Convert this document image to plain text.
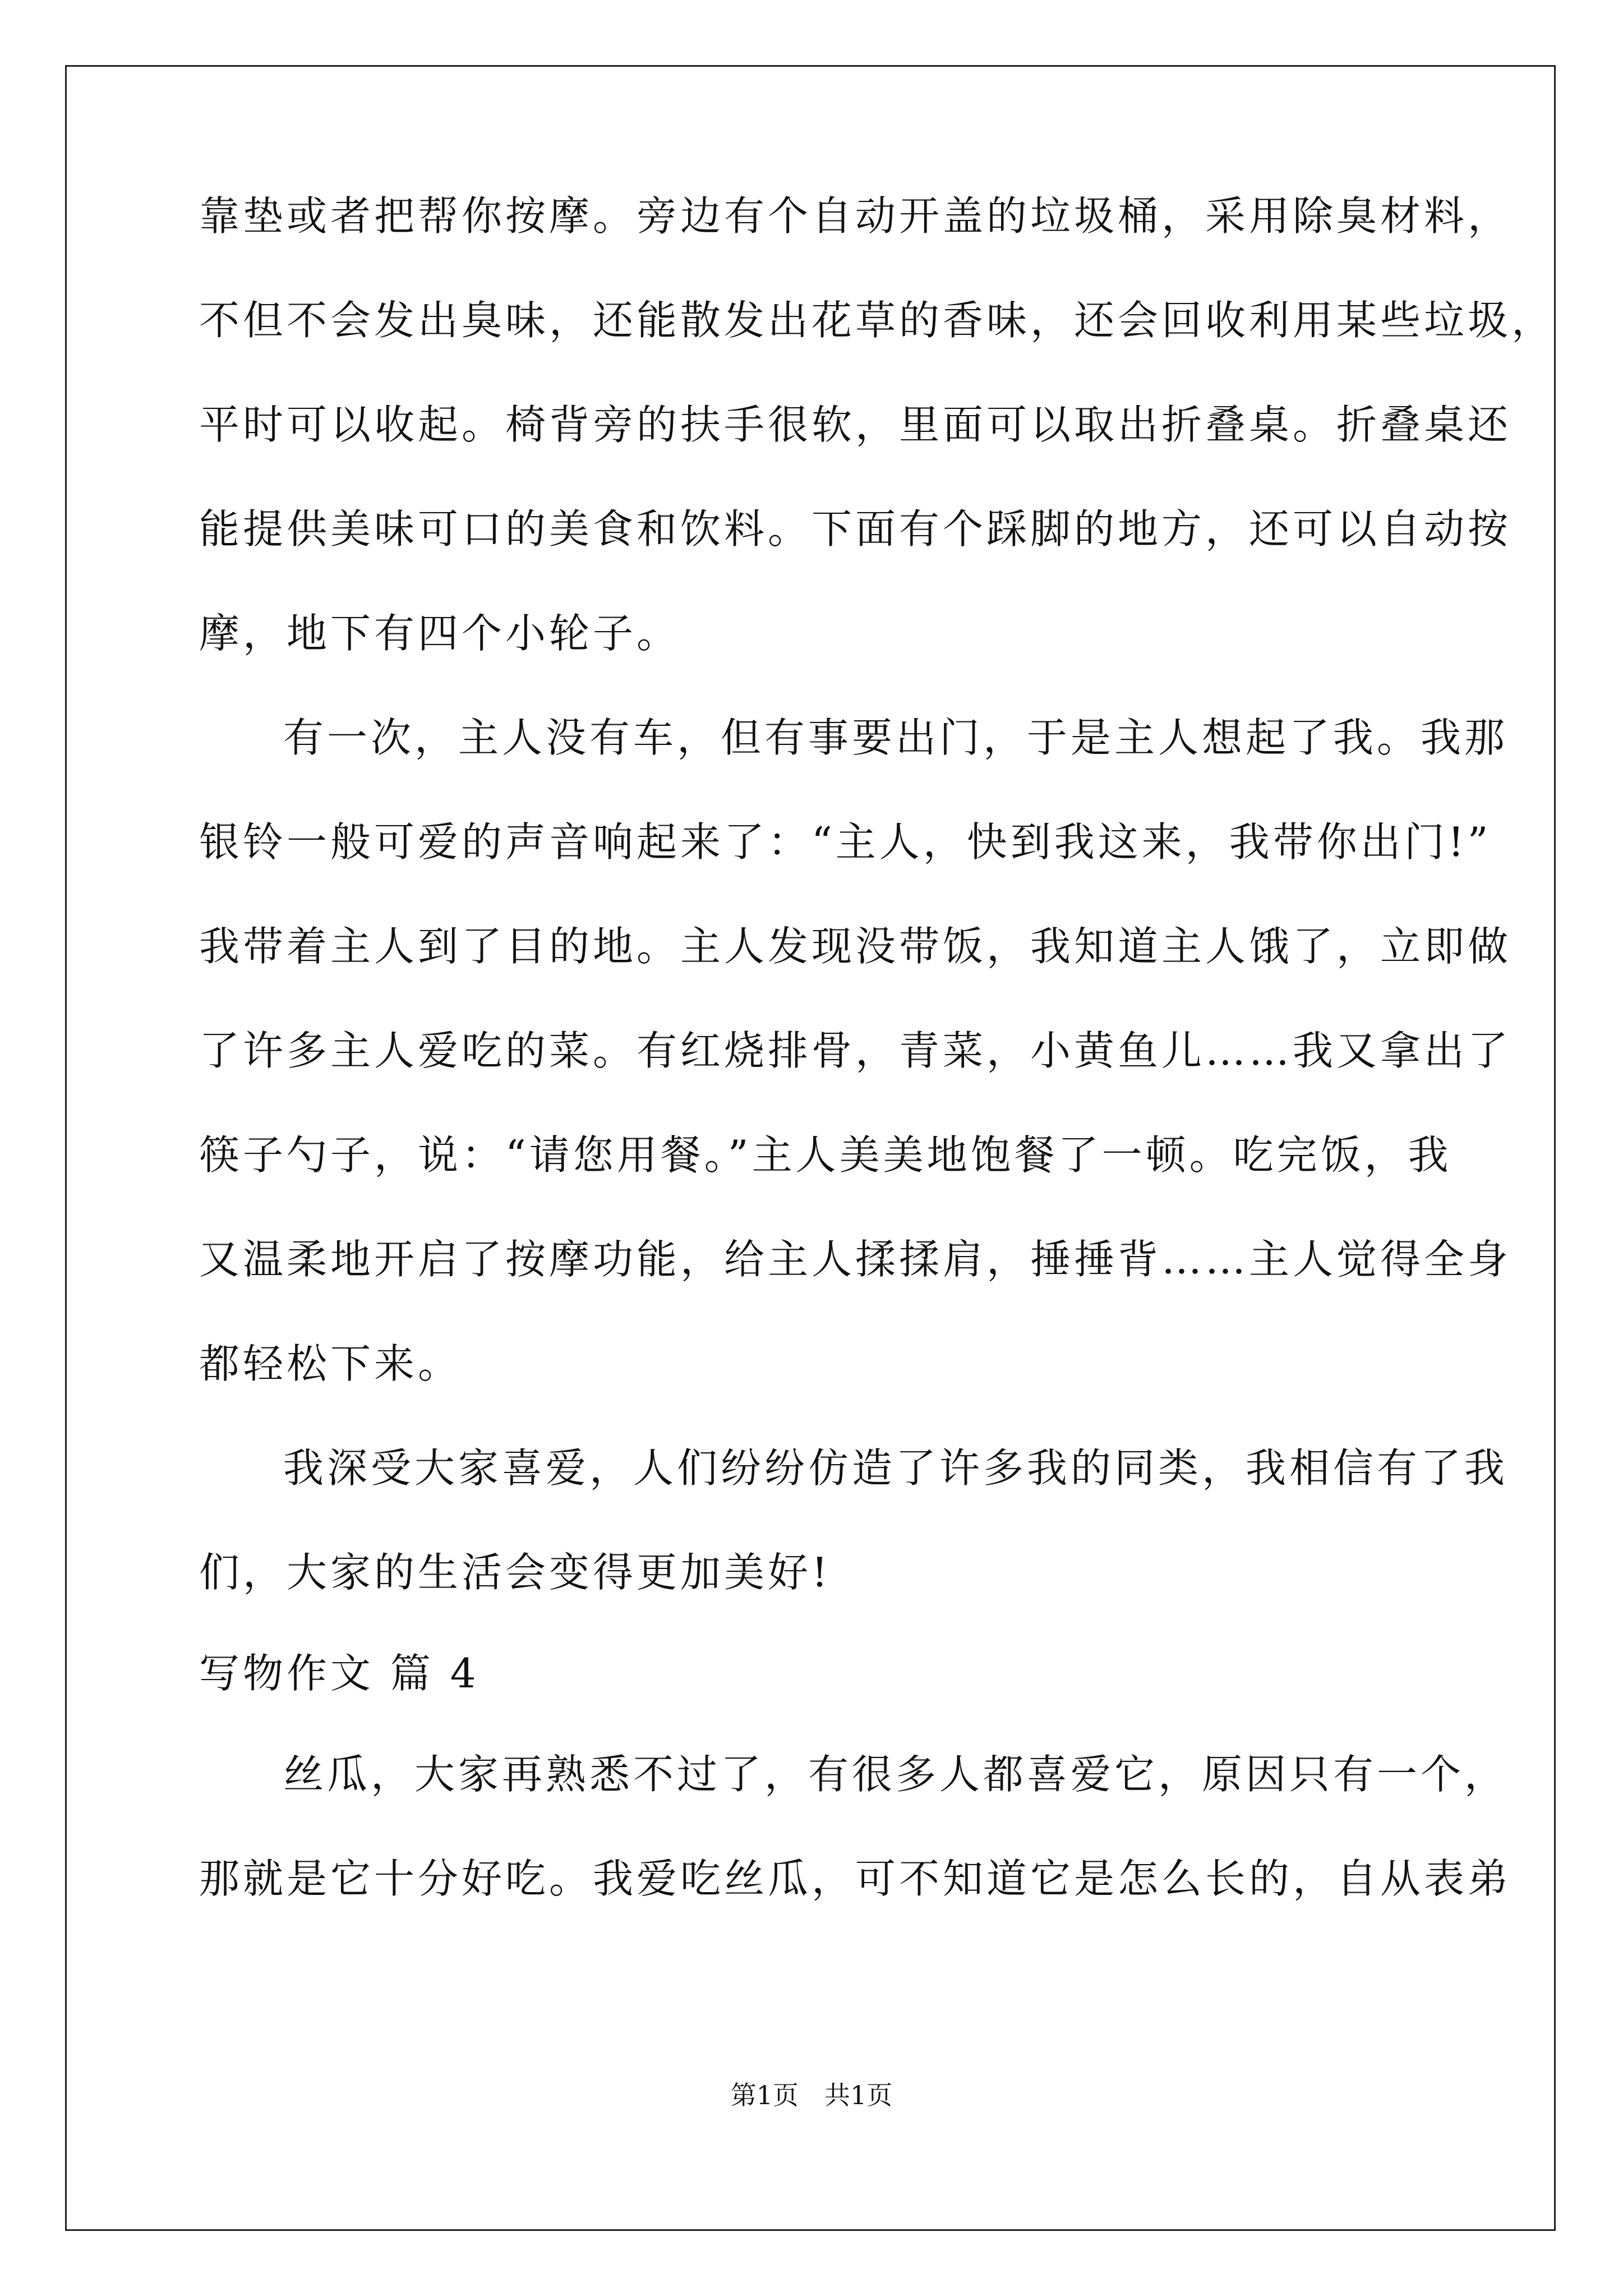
靠垫或者把帮你按摩。旁边有个自动开盖的垃圾桶，采用除臭材料，
不但不会发出臭味，还能散发出花草的香味，还会回收利用某些垃圾，
平时可以收起。椅背旁的扶手很软，里面可以取出折叠桌。折叠桌还
能提供美味可口的美食和饮料。下面有个踩脚的地方，还可以自动按
摩，地下有四个小轮子。
有一次，主人没有车，但有事要出门，于是主人想起了我。我那
银铃一般可爱的声音响起来了：“主人，快到我这来，我带你出门!”
我带着主人到了目的地。主人发现没带饭，我知道主人饿了，立即做
了许多主人爱吃的菜。有红烧排骨，青菜，小黄鱼儿……我又拿出了
筷子勺子，说：“请您用餐。”主人美美地饱餐了一顿。吃完饭，我
又温柔地开启了按摩功能，给主人揉揉肩，捶捶背……主人觉得全身
都轻松下来。
我深受大家喜爱，人们纷纷仿造了许多我的同类，我相信有了我
们，大家的生活会变得更加美好!
写物作文 篇 4
丝瓜，大家再熟悉不过了，有很多人都喜爱它，原因只有一个，
那就是它十分好吃。我爱吃丝瓜，可不知道它是怎么长的，自从表弟
第1页　共1页
